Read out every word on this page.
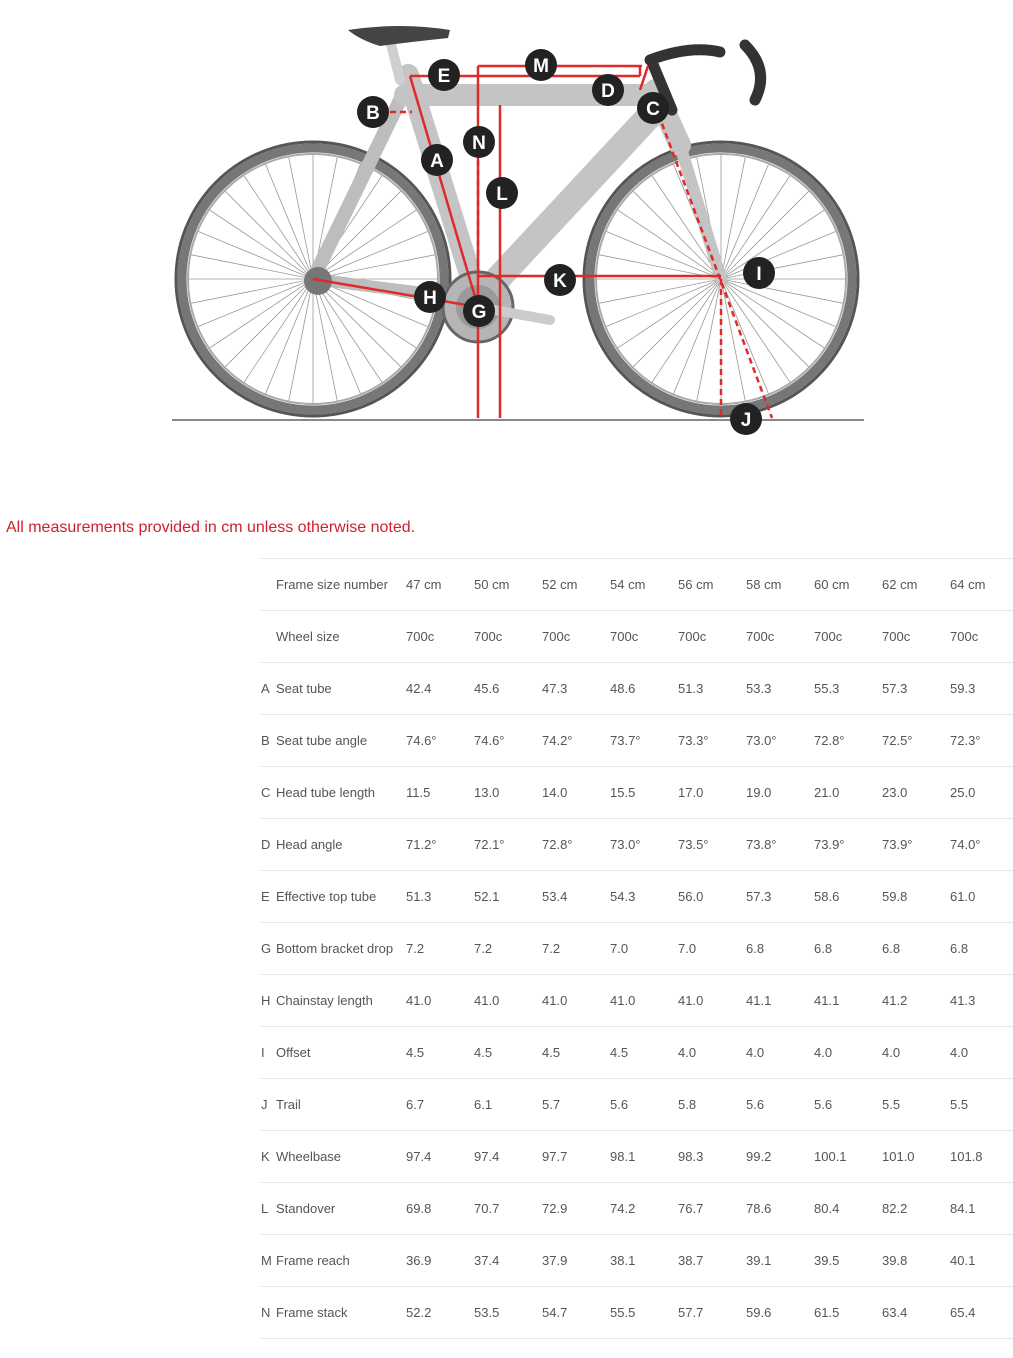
A
B	C
D
E
G
H
I
J
K
L
M
N

All measurements provided in cm unless otherwise noted.

	Frame size number	47 cm	50 cm	52 cm	54 cm	56 cm	58 cm	60 cm	62 cm	64 cm
	Wheel size	700c	700c	700c	700c	700c	700c	700c	700c	700c
A	Seat tube	42.4	45.6	47.3	48.6	51.3	53.3	55.3	57.3	59.3
B	Seat tube angle	74.6°	74.6°	74.2°	73.7°	73.3°	73.0°	72.8°	72.5°	72.3°
C	Head tube length	11.5	13.0	14.0	15.5	17.0	19.0	21.0	23.0	25.0
D	Head angle	71.2°	72.1°	72.8°	73.0°	73.5°	73.8°	73.9°	73.9°	74.0°
E	Effective top tube	51.3	52.1	53.4	54.3	56.0	57.3	58.6	59.8	61.0
G	Bottom bracket drop	7.2	7.2	7.2	7.0	7.0	6.8	6.8	6.8	6.8
H	Chainstay length	41.0	41.0	41.0	41.0	41.0	41.1	41.1	41.2	41.3
I	Offset	4.5	4.5	4.5	4.5	4.0	4.0	4.0	4.0	4.0
J	Trail	6.7	6.1	5.7	5.6	5.8	5.6	5.6	5.5	5.5
K	Wheelbase	97.4	97.4	97.7	98.1	98.3	99.2	100.1	101.0	101.8
L	Standover	69.8	70.7	72.9	74.2	76.7	78.6	80.4	82.2	84.1
M	Frame reach	36.9	37.4	37.9	38.1	38.7	39.1	39.5	39.8	40.1
N	Frame stack	52.2	53.5	54.7	55.5	57.7	59.6	61.5	63.4	65.4
